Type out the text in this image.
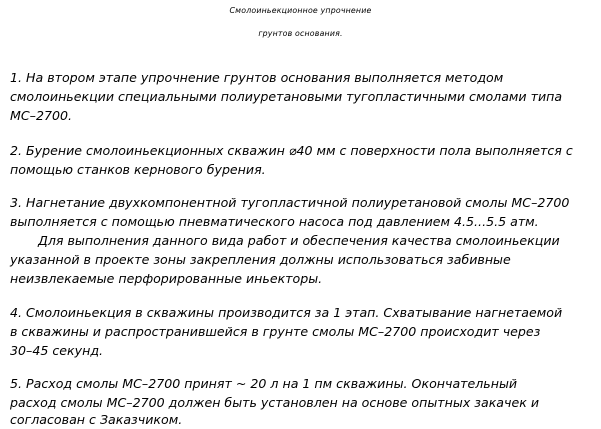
Смолоиньекционное упрочнение
грунтов основания.
1. На втором этапе упрочнение грунтов основания выполняется методом
смолоиньекции специальными полиуретановыми тугопластичными смолами типа
МС–2700.
2. Бурение смолоиньекционных скважин ⌀40 мм с поверхности пола выполняется с
помощью станков кернового бурения.
3. Нагнетание двухкомпонентной тугопластичной полиуретановой смолы МС–2700
выполняется с помощью пневматического насоса под давлением 4.5...5.5 атм.
Для выполнения данного вида работ и обеспечения качества смолоиньекции
указанной в проекте зоны закрепления должны использоваться забивные
неизвлекаемые перфорированные иньекторы.
4. Смолоиньекция в скважины производится за 1 этап. Схватывание нагнетаемой
в скважины и распространившейся в грунте смолы МС–2700 происходит через
30–45 секунд.
5. Расход смолы МС–2700 принят ~ 20 л на 1 пм скважины. Окончательный
расход смолы МС–2700 должен быть установлен на основе опытных закачек и
согласован с Заказчиком.
